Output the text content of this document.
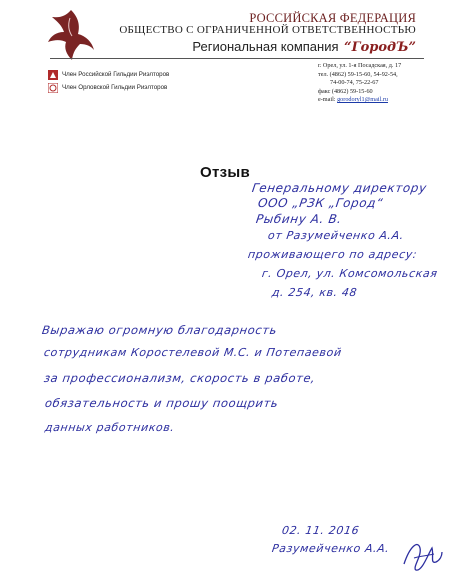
РОССИЙСКАЯ ФЕДЕРАЦИЯ
ОБЩЕСТВО С ОГРАНИЧЕННОЙ ОТВЕТСТВЕННОСТЬЮ
Региональная компания “ГородЪ”
Член Российской Гильдии Риэлторов
Член Орловской Гильдии Риэлторов
г. Орел, ул. 1-я Посадская, д. 17
тел. (4862) 59-15-60, 54-92-54,
74-00-74, 75-22-67
факс (4862) 59-15-60
e-mail: gorodoryl1@mail.ru
Отзыв
Генеральному директору
ООО „РЗК „Город“
Рыбину А. В.
от Разумейченко А.А.
проживающего по адресу:
г. Орел, ул. Комсомольская
д. 254, кв. 48
Выражаю огромную благодарность
сотрудникам Коростелевой М.С. и Потепаевой
за профессионализм, скорость в работе,
обязательность и прошу поощрить
данных работников.
02. 11. 2016
Разумейченко А.А.
